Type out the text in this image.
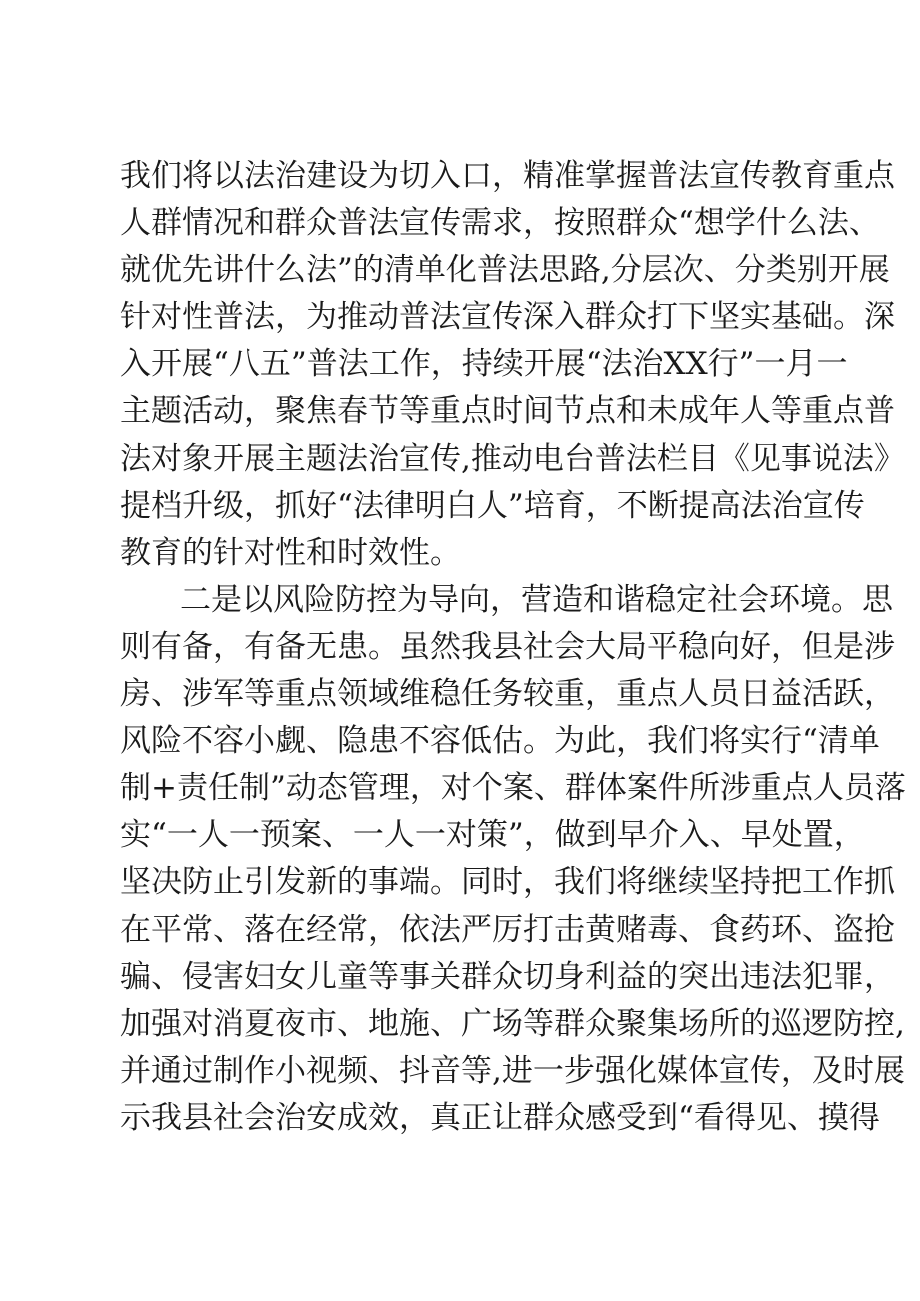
我们将以法治建设为切入口，精准掌握普法宣传教育重点
人群情况和群众普法宣传需求，按照群众“想学什么法、
就优先讲什么法”的清单化普法思路,分层次、分类别开展
针对性普法，为推动普法宣传深入群众打下坚实基础。深
入开展“八五”普法工作，持续开展“法治XX行”一月一
主题活动，聚焦春节等重点时间节点和未成年人等重点普
法对象开展主题法治宣传,推动电台普法栏目《见事说法》
提档升级，抓好“法律明白人”培育，不断提高法治宣传
教育的针对性和时效性。
二是以风险防控为导向，营造和谐稳定社会环境。思
则有备，有备无患。虽然我县社会大局平稳向好，但是涉
房、涉军等重点领域维稳任务较重，重点人员日益活跃，
风险不容小觑、隐患不容低估。为此，我们将实行“清单
制+责任制”动态管理，对个案、群体案件所涉重点人员落
实“一人一预案、一人一对策”，做到早介入、早处置，
坚决防止引发新的事端。同时，我们将继续坚持把工作抓
在平常、落在经常，依法严厉打击黄赌毒、食药环、盗抢
骗、侵害妇女儿童等事关群众切身利益的突出违法犯罪，
加强对消夏夜市、地施、广场等群众聚集场所的巡逻防控,
并通过制作小视频、抖音等,进一步强化媒体宣传，及时展
示我县社会治安成效，真正让群众感受到“看得见、摸得
